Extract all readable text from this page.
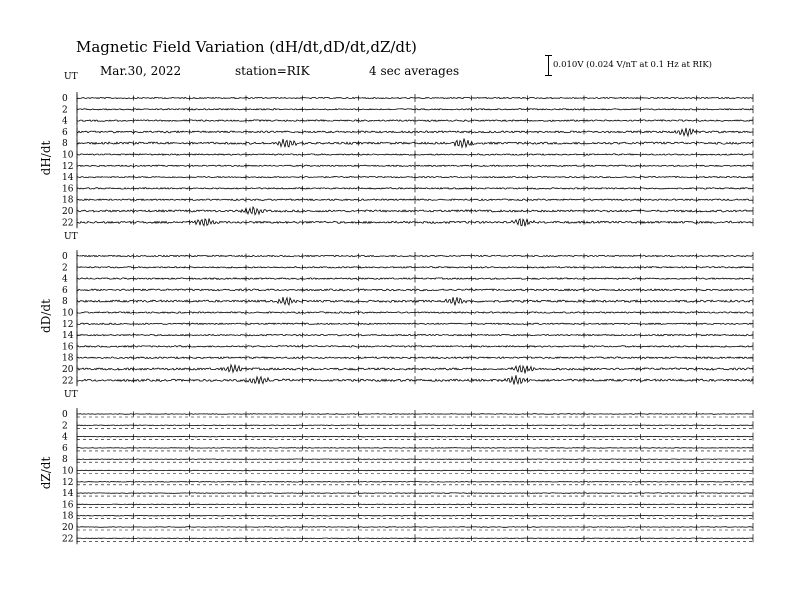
Magnetic Field Variation (dH/dt,dD/dt,dZ/dt)
Mar.30, 2022	station=RIK	4 sec averages	0.010V (0.024 V/nT at 0.1 Hz at RIK)
UT
dH/dt
0
2
4
6
8
10
12
14
16
18
20
22
UT
dD/dt
0
2
4
6
8
10
12
14
16
18
20
22
UT
dZ/dt
0
2
4
6
8
10
12
14
16
18
20
22
